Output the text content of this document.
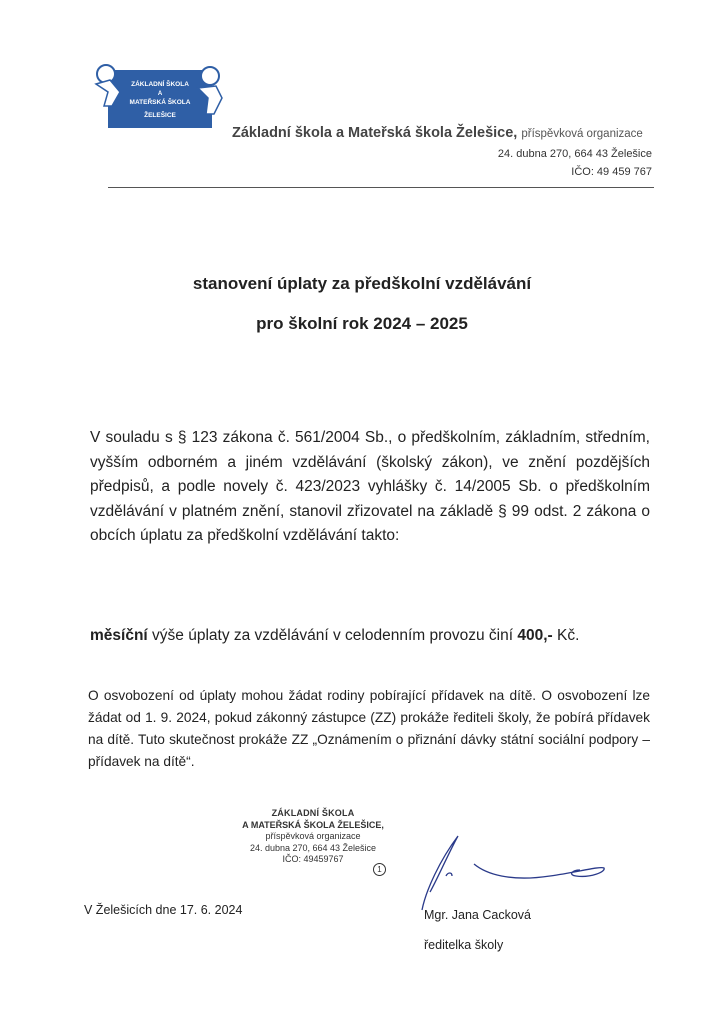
ZÁKLADNÍ ŠKOLA
A
MATEŘSKÁ ŠKOLA
ŽELEŠICE
Základní škola a Mateřská škola Želešice, příspěvková organizace
24. dubna 270, 664 43 Želešice
IČO: 49 459 767
stanovení úplaty za předškolní vzdělávání
pro školní rok 2024 – 2025
V souladu s § 123 zákona č. 561/2004 Sb., o předškolním, základním, středním, vyšším odborném a jiném vzdělávání (školský zákon), ve znění pozdějších předpisů, a podle novely č. 423/2023 vyhlášky č. 14/2005 Sb. o předškolním vzdělávání v platném znění, stanovil zřizovatel na základě § 99 odst. 2 zákona o obcích úplatu za předškolní vzdělávání takto:
měsíční výše úplaty za vzdělávání v celodenním provozu činí 400,- Kč.
O osvobození od úplaty mohou žádat rodiny pobírající přídavek na dítě. O osvobození lze žádat od 1. 9. 2024, pokud zákonný zástupce (ZZ) prokáže řediteli školy, že pobírá přídavek na dítě. Tuto skutečnost prokáže ZZ „Oznámením o přiznání dávky státní sociální podpory – přídavek na dítě“.
ZÁKLADNÍ ŠKOLA
A MATEŘSKÁ ŠKOLA ŽELEŠICE,
příspěvková organizace
24. dubna 270, 664 43 Želešice
IČO: 49459767
1
V Želešicích dne 17. 6. 2024	Mgr. Jana Cacková
ředitelka školy
